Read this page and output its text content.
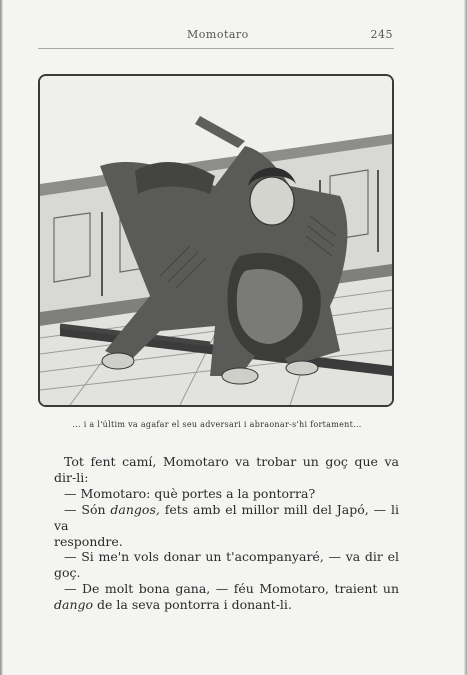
Momotaro	245
... i a l'últim va agafar el seu adversari i abraonar-s'hi fortament...

Tot fent camí, Momotaro va trobar un goç que va

dir-li:

— Momotaro: què portes a la pontorra?

— Són dangos, fets amb el millor mill del Japó, — li va

respondre.

— Si me'n vols donar un t'acompanyaré, — va dir el goç.

— De molt bona gana, — féu Momotaro, traient un

dango de la seva pontorra i donant-li.
